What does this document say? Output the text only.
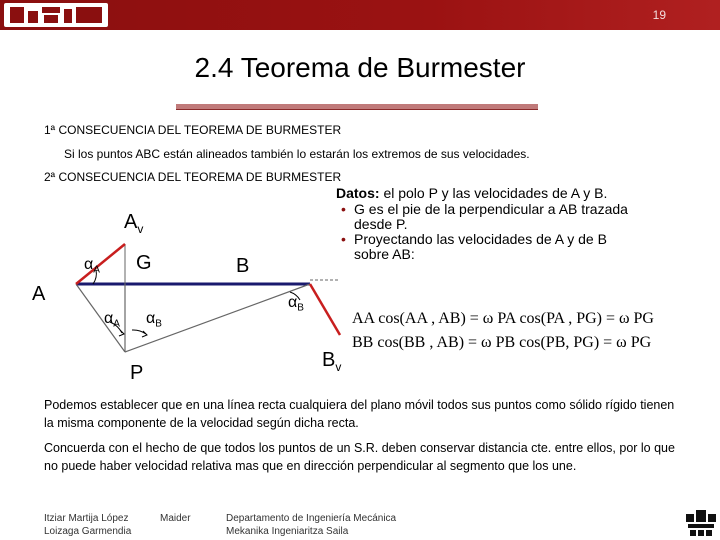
19
2.4 Teorema de Burmester
1ª CONSECUENCIA DEL TEOREMA DE BURMESTER
Si los puntos ABC están alineados también lo estarán los extremos de sus velocidades.
2ª CONSECUENCIA DEL TEOREMA DE BURMESTER
Datos: el polo P y las velocidades de A y B.
• G es el pie de la perpendicular a AB trazada
desde P.
• Proyectando las velocidades de A y de B
sobre AB:
A
$A_v$
G	B
$B_v$
P
$\alpha_A$
$\alpha_A$ $\alpha_B$
$\alpha_B$
AA cos(AA , AB) = ω PA cos(PA , PG) = ω PG
BB cos(BB , AB) = ω PB cos(PB, PG) = ω PG
Podemos establecer que en una línea recta cualquiera del plano móvil todos sus puntos como sólido rígido tienen la misma componente de la velocidad según dicha recta.
Concuerda con el hecho de que todos los puntos de un S.R. deben conservar distancia cte. entre ellos, por lo que no puede haber velocidad relativa mas que en dirección perpendicular al segmento que los une.
Itziar Martija López
Loizaga Garmendia
Maider	Departamento de Ingeniería Mecánica
Mekanika Ingeniaritza Saila
